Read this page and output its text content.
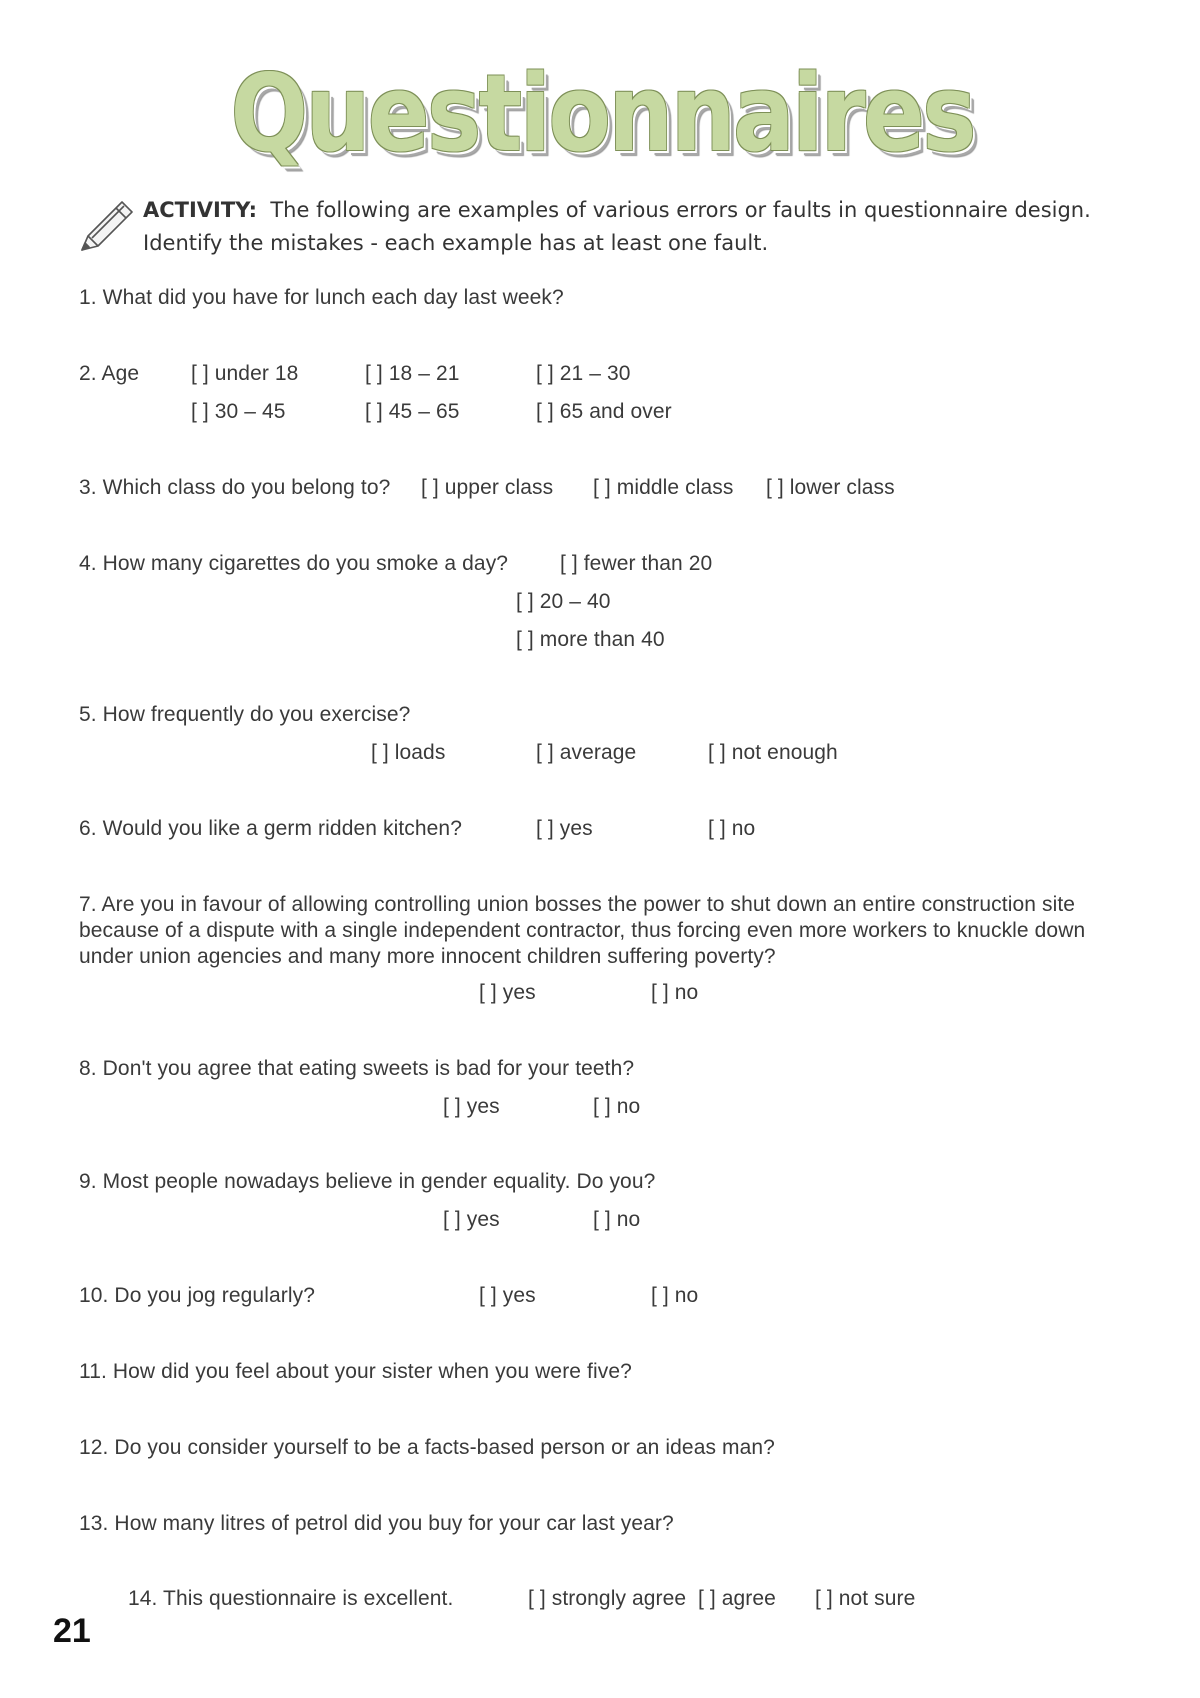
Questionnaires
ACTIVITY: The following are examples of various errors or faults in questionnaire design.
Identify the mistakes - each example has at least one fault.
1. What did you have for lunch each day last week?
2. Age [ ] under 18	[ ] 18 – 21	[ ] 21 – 30
[ ] 30 – 45	[ ] 45 – 65	[ ] 65 and over
3. Which class do you belong to? [ ] upper class [ ] middle class [ ] lower class
4. How many cigarettes do you smoke a day? [ ] fewer than 20
[ ] 20 – 40
[ ] more than 40
5. How frequently do you exercise?
[ ] loads	[ ] average	[ ] not enough
6. Would you like a germ ridden kitchen?	[ ] yes	[ ] no
7. Are you in favour of allowing controlling union bosses the power to shut down an entire construction site because of a dispute with a single independent contractor, thus forcing even more workers to knuckle down under union agencies and many more innocent children suffering poverty?
[ ] yes	[ ] no
8. Don't you agree that eating sweets is bad for your teeth?
[ ] yes	[ ] no
9. Most people nowadays believe in gender equality. Do you?
[ ] yes	[ ] no
10. Do you jog regularly?	[ ] yes	[ ] no
11. How did you feel about your sister when you were five?
12. Do you consider yourself to be a facts-based person or an ideas man?
13. How many litres of petrol did you buy for your car last year?
14. This questionnaire is excellent.	[ ] strongly agree [ ] agree [ ] not sure
21
